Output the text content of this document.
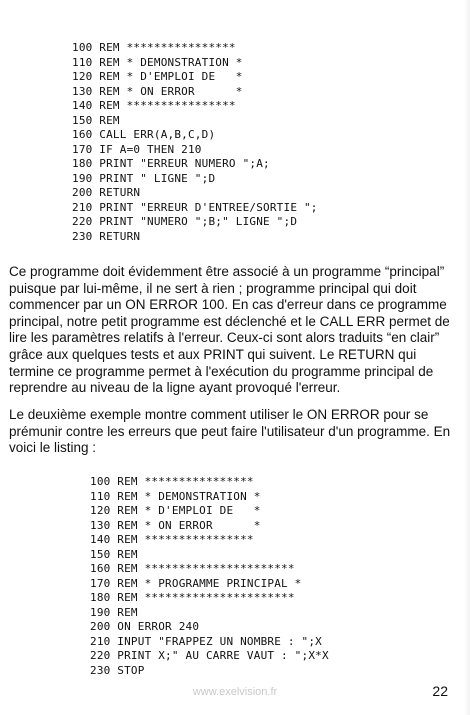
100 REM ****************
110 REM * DEMONSTRATION *
120 REM * D'EMPLOI DE   *
130 REM * ON ERROR      *
140 REM ****************
150 REM
160 CALL ERR(A,B,C,D)
170 IF A=0 THEN 210
180 PRINT "ERREUR NUMERO ";A;
190 PRINT " LIGNE ";D
200 RETURN
210 PRINT "ERREUR D'ENTREE/SORTIE ";
220 PRINT "NUMERO ";B;" LIGNE ";D
230 RETURN

Ce programme doit évidemment être associé à un programme “principal” puisque par lui-même, il ne sert à rien ; programme principal qui doit commencer par un ON ERROR 100. En cas d'erreur dans ce programme principal, notre petit programme est déclenché et le CALL ERR permet de lire les paramètres relatifs à l'erreur. Ceux-ci sont alors traduits “en clair” grâce aux quelques tests et aux PRINT qui suivent. Le RETURN qui termine ce programme permet à l'exécution du programme principal de reprendre au niveau de la ligne ayant provoqué l'erreur.

Le deuxième exemple montre comment utiliser le ON ERROR pour se prémunir contre les erreurs que peut faire l'utilisateur d'un programme. En voici le listing :

100 REM ****************
110 REM * DEMONSTRATION *
120 REM * D'EMPLOI DE   *
130 REM * ON ERROR      *
140 REM ****************
150 REM
160 REM **********************
170 REM * PROGRAMME PRINCIPAL *
180 REM **********************
190 REM
200 ON ERROR 240
210 INPUT "FRAPPEZ UN NOMBRE : ";X
220 PRINT X;" AU CARRE VAUT : ";X*X
230 STOP
www.exelvision.fr	22
